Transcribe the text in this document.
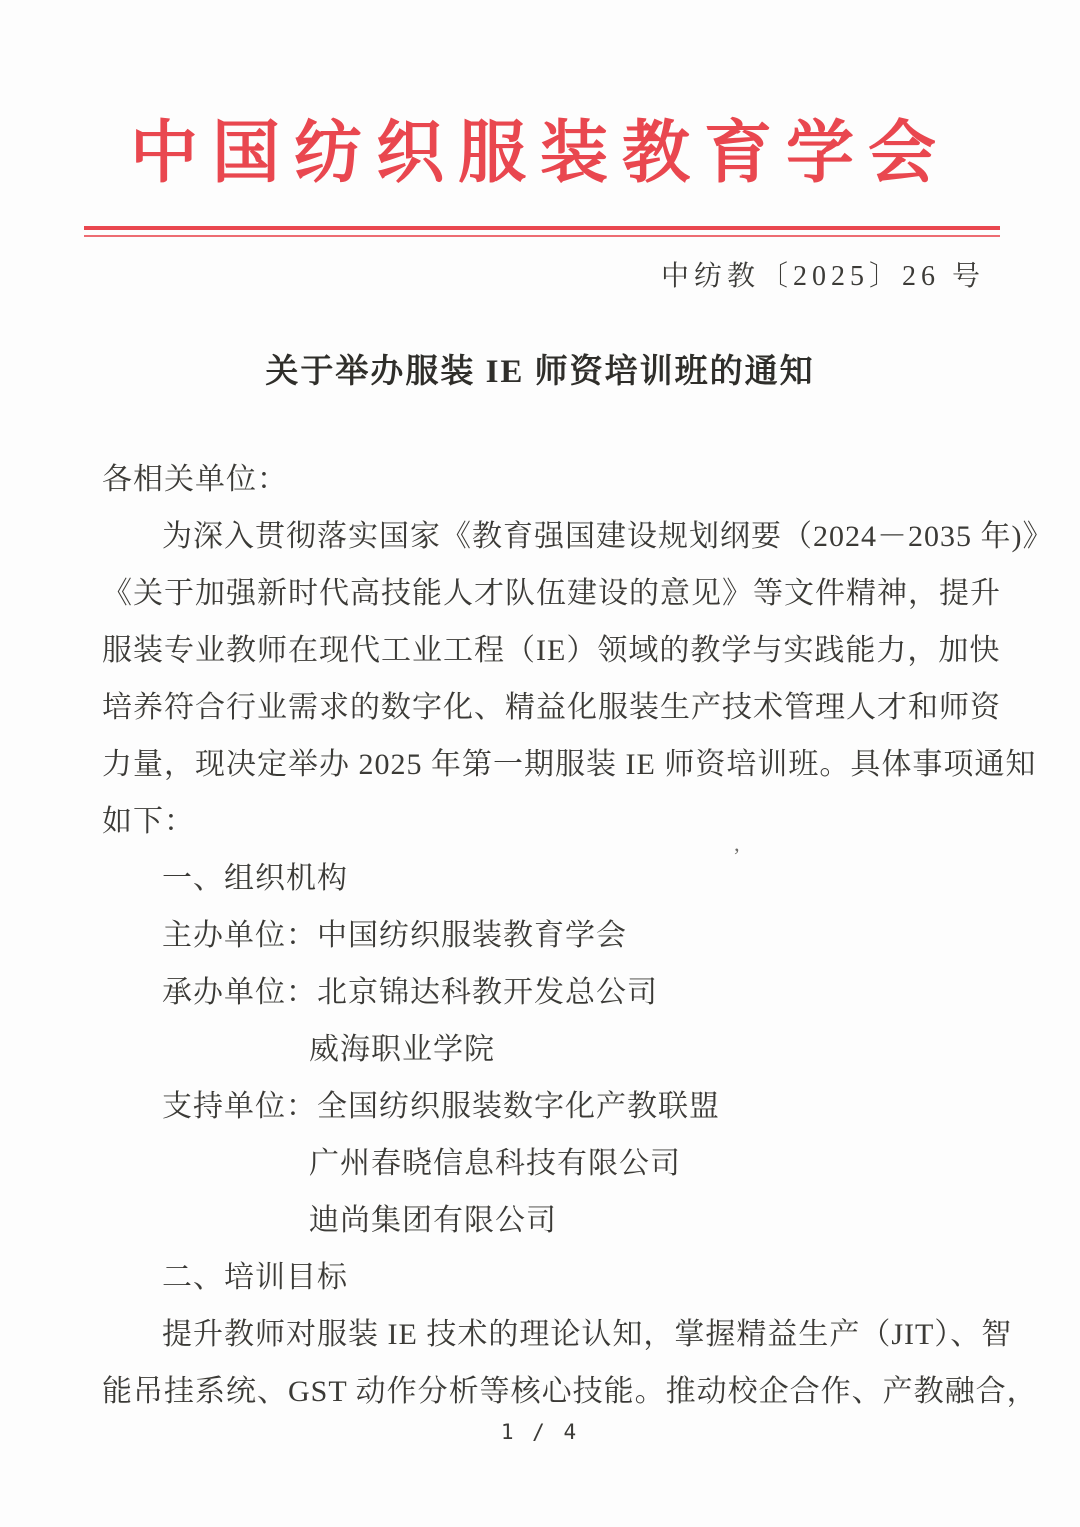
中国纺织服装教育学会
中纺教〔2025〕26 号
关于举办服装 IE 师资培训班的通知
各相关单位：
为深入贯彻落实国家《教育强国建设规划纲要（2024－2035 年)》
《关于加强新时代高技能人才队伍建设的意见》等文件精神，提升
服装专业教师在现代工业工程（IE）领域的教学与实践能力，加快
培养符合行业需求的数字化、精益化服装生产技术管理人才和师资
力量，现决定举办 2025 年第一期服装 IE 师资培训班。具体事项通知
如下：
一、组织机构
主办单位：中国纺织服装教育学会
承办单位：北京锦达科教开发总公司
威海职业学院
支持单位：全国纺织服装数字化产教联盟
广州春晓信息科技有限公司
迪尚集团有限公司
二、培训目标
提升教师对服装 IE 技术的理论认知，掌握精益生产（JIT）、智
能吊挂系统、GST 动作分析等核心技能。推动校企合作、产教融合，
’
1 / 4
